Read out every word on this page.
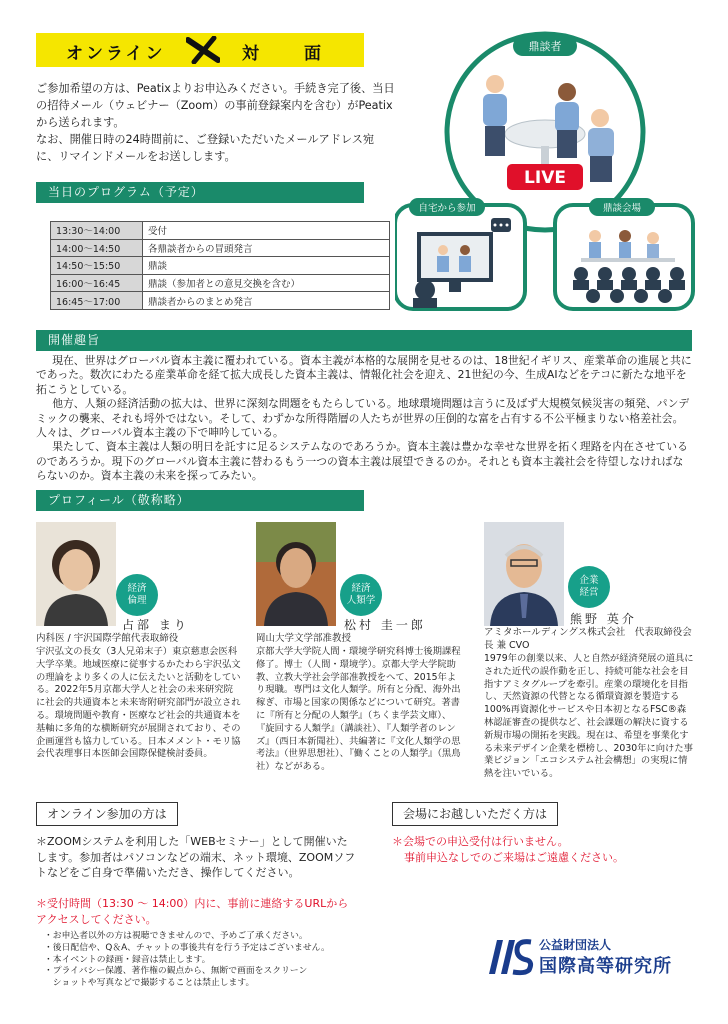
オンライン	対　面

ご参加希望の方は、Peatixよりお申込みください。手続き完了後、当日の招待メール（ウェビナー（Zoom）の事前登録案内を含む）がPeatixから送られます。

なお、開催日時の24時間前に、ご登録いただいたメールアドレス宛に、リマインドメールをお送しします。

当日のプログラム（予定）
13:30〜14:00	受付
14:00〜14:50	各鼎談者からの冒頭発言
14:50〜15:50	鼎談
16:00〜16:45	鼎談（参加者との意見交換を含む）
16:45〜17:00	鼎談者からのまとめ発言
鼎談者
LIVE
自宅から参加	鼎談会場
開催趣旨

現在、世界はグローバル資本主義に覆われている。資本主義が本格的な展開を見せるのは、18世紀イギリス、産業革命の進展と共にであった。数次にわたる産業革命を経て拡大成長した資本主義は、情報化社会を迎え、21世紀の今、生成AIなどをテコに新たな地平を拓こうとしている。

他方、人類の経済活動の拡大は、世界に深刻な問題をもたらしている。地球環境問題は言うに及ばず大規模気候災害の頻発、パンデミックの襲来、それも埒外ではない。そして、わずかな所得階層の人たちが世界の圧倒的な富を占有する不公平極まりない格差社会。人々は、グローバル資本主義の下で呻吟している。

果たして、資本主義は人類の明日を託すに足るシステムなのであろうか。資本主義は豊かな幸せな世界を拓く理路を内在させているのであろうか。現下のグローバル資本主義に替わるもう一つの資本主義は展望できるのか。それとも資本主義社会を待望しなければならないのか。資本主義の未来を探ってみたい。

プロフィール（敬称略）
経済
倫理
占部 まり
内科医 / 宇沢国際学館代表取締役
宇沢弘文の長女（3人兄弟末子）東京慈恵会医科大学卒業。地域医療に従事するかたわら宇沢弘文の理論をより多くの人に伝えたいと活動をしている。2022年5月京都大学人と社会の未来研究院に社会的共通資本と未来寄附研究部門が設立される。環境問題や教育・医療など社会的共通資本を基軸に多角的な横断研究が展開されており、その企画運営も協力している。日本メメント・モリ協会代表理事日本医師会国際保健検討委員。
経済
人類学
松村 圭一郎
岡山大学文学部准教授
京都大学大学院人間・環境学研究科博士後期課程修了。博士（人間・環境学）。京都大学大学院助教、立教大学社会学部准教授をへて、2015年より現職。専門は文化人類学。所有と分配、海外出稼ぎ、市場と国家の関係などについて研究。著書に『所有と分配の人類学』（ちくま学芸文庫）、『旋回する人類学』（講談社）、『人類学者のレンズ』（西日本新聞社）、共編著に『文化人類学の思考法』（世界思想社）、『働くことの人類学』（黒鳥社）などがある。
企業
経営
熊野 英介
アミタホールディングス株式会社　代表取締役会長 兼 CVO
1979年の創業以来、人と自然が経済発展の道具にされた近代の誤作動を正し、持続可能な社会を目指すアミタグループを牽引。産業の環境化を目指し、天然資源の代替となる循環資源を製造する100%再資源化サービスや日本初となるFSC®森林認証審査の提供など、社会課題の解決に資する新規市場の開拓を実践。現在は、希望を事業化する未来デザイン企業を標榜し、2030年に向けた事業ビジョン「エコシステム社会構想」の実現に情熱を注いでいる。
オンライン参加の方は
＊ZOOMシステムを利用した「WEBセミナー」として開催いたします。参加者はパソコンなどの端末、ネット環境、ZOOMソフトなどをご自身で準備いただき、操作してください。
＊受付時間（13:30 〜 14:00）内に、事前に連絡するURLからアクセスしてください。
会場にお越しいただく方は
＊会場での申込受付は行いません。
事前申込なしでのご来場はご遠慮ください。
・お申込者以外の方は視聴できませんので、予めご了承ください。
・後日配信や、Q＆A、チャットの事後共有を行う予定はございません。
・本イベントの録画・録音は禁止します。
・プライバシー保護、著作権の観点から、無断で画面をスクリーン
　ショットや写真などで撮影することは禁止します。
公益財団法人
国際高等研究所
